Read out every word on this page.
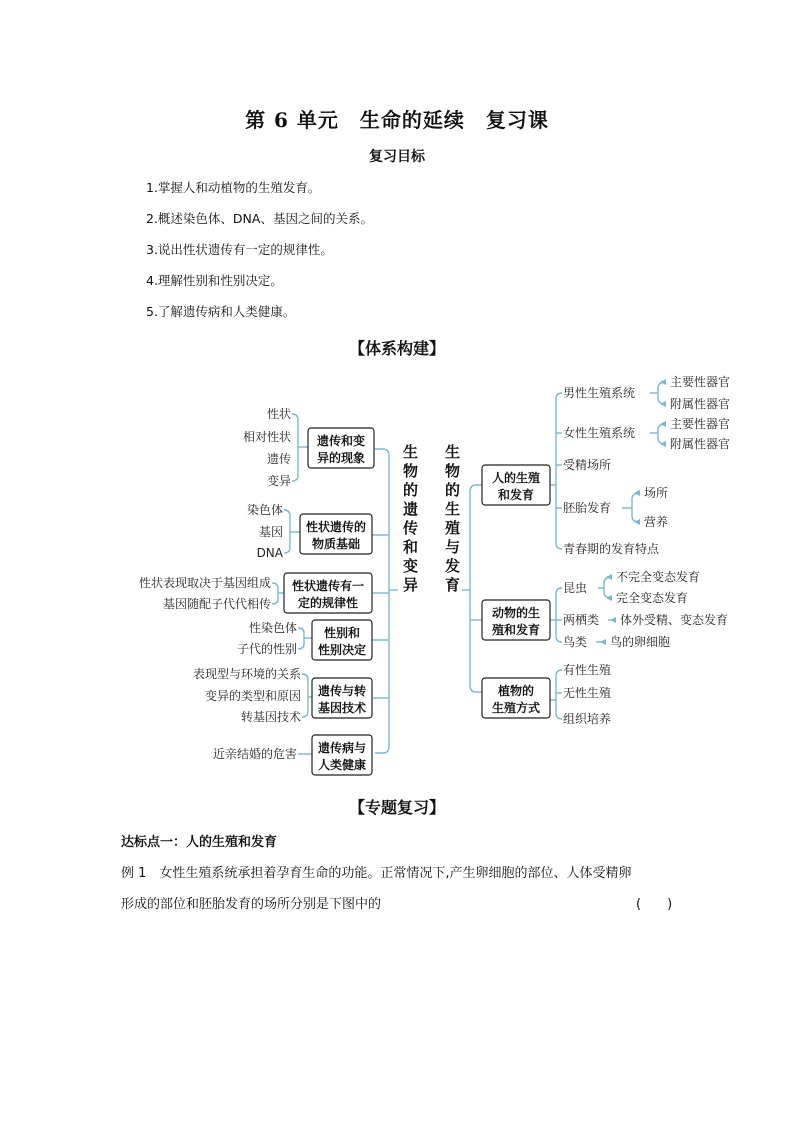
第 6 单元　生命的延续　复习课
复习目标
1.掌握人和动植物的生殖发育。
2.概述染色体、DNA、基因之间的关系。
3.说出性状遗传有一定的规律性。
4.理解性别和性别决定。
5.了解遗传病和人类健康。
【体系构建】
遗传和变
异的现象
性状遗传的
物质基础
性状遗传有一
定的规律性
性别和
性别决定
遗传与转
基因技术
遗传病与
人类健康
人的生殖
和发育
动物的生
殖和发育
植物的
生殖方式
生物的遗传和变异 生物的生殖与发育
性状
相对性状
遗传
变异
染色体
基因
DNA
性状表现取决于基因组成
基因随配子代代相传
性染色体
子代的性别
表现型与环境的关系
变异的类型和原因
转基因技术
近亲结婚的危害
男性生殖系统
主要性器官
附属性器官
女性生殖系统
主要性器官
附属性器官
受精场所
胚胎发育
场所
营养
青春期的发育特点
昆虫
不完全变态发育
完全变态发育
两栖类 体外受精、变态发育
鸟类 鸟的卵细胞
有性生殖
无性生殖
组织培养
【专题复习】
达标点一：人的生殖和发育
例 1　女性生殖系统承担着孕育生命的功能。正常情况下,产生卵细胞的部位、人体受精卵
形成的部位和胚胎发育的场所分别是下图中的	(　　)
